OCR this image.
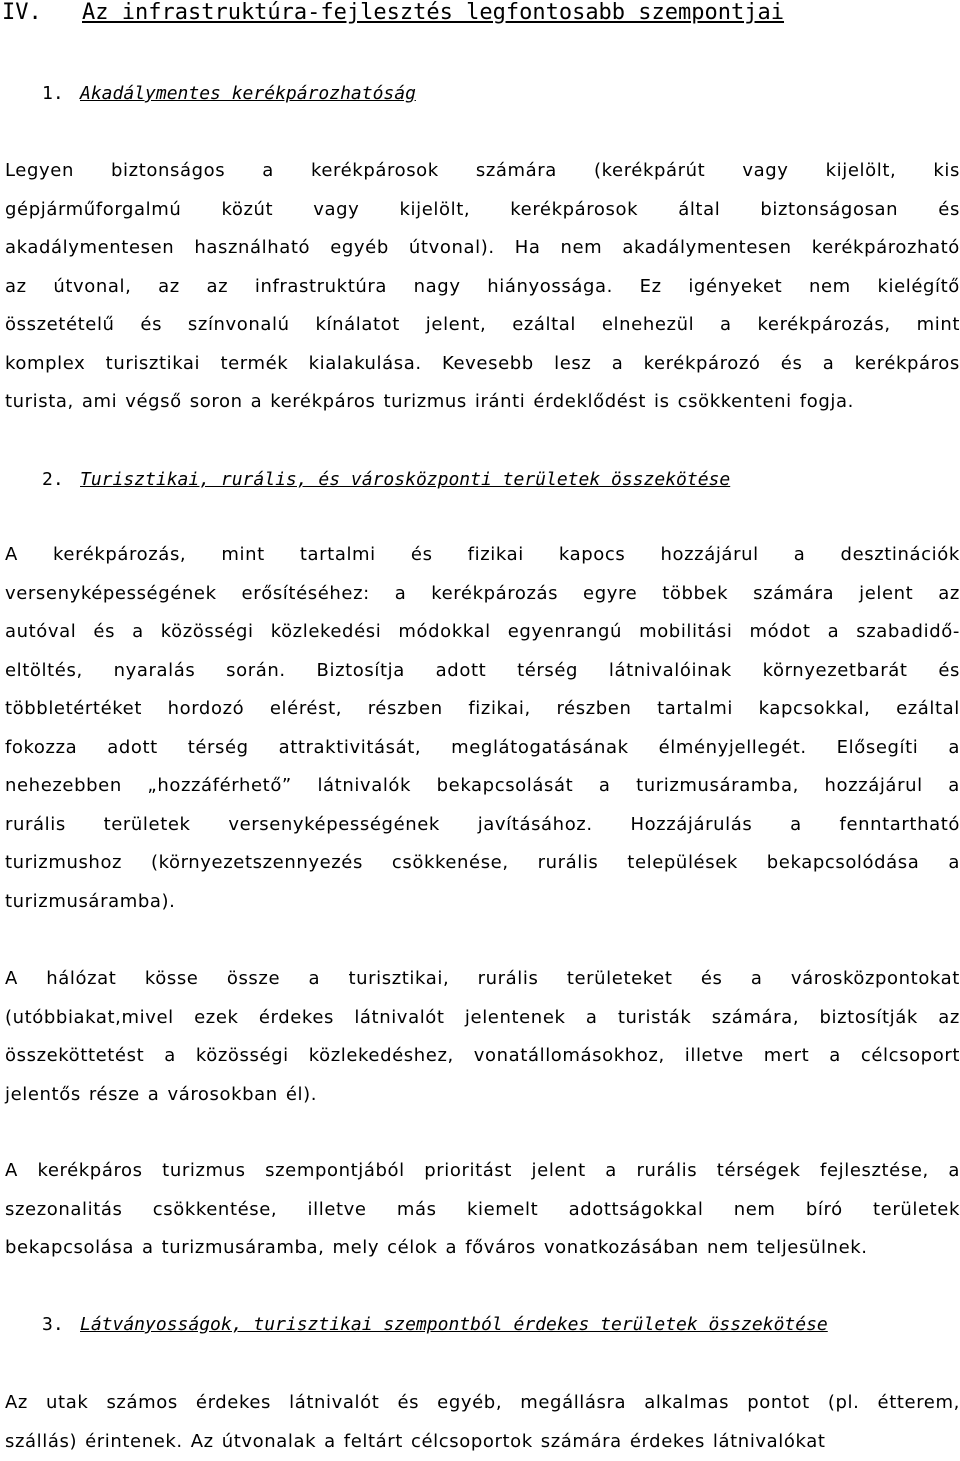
IV. Az infrastruktúra-fejlesztés legfontosabb szempontjai
1. Akadálymentes kerékpározhatóság
Legyen biztonságos a kerékpárosok számára (kerékpárút vagy kijelölt, kis
gépjárműforgalmú közút vagy kijelölt, kerékpárosok által biztonságosan és
akadálymentesen használható egyéb útvonal). Ha nem akadálymentesen kerékpározható
az útvonal, az az infrastruktúra nagy hiányossága. Ez igényeket nem kielégítő
összetételű és színvonalú kínálatot jelent, ezáltal elnehezül a kerékpározás, mint
komplex turisztikai termék kialakulása. Kevesebb lesz a kerékpározó és a kerékpáros
turista, ami végső soron a kerékpáros turizmus iránti érdeklődést is csökkenteni fogja.
2. Turisztikai, rurális, és városközponti területek összekötése
A kerékpározás, mint tartalmi és fizikai kapocs hozzájárul a desztinációk
versenyképességének erősítéséhez: a kerékpározás egyre többek számára jelent az
autóval és a közösségi közlekedési módokkal egyenrangú mobilitási módot a szabadidő-
eltöltés, nyaralás során. Biztosítja adott térség látnivalóinak környezetbarát és
többletértéket hordozó elérést, részben fizikai, részben tartalmi kapcsokkal, ezáltal
fokozza adott térség attraktivitását, meglátogatásának élményjellegét. Elősegíti a
nehezebben „hozzáférhető” látnivalók bekapcsolását a turizmusáramba, hozzájárul a
rurális területek versenyképességének javításához. Hozzájárulás a fenntartható
turizmushoz (környezetszennyezés csökkenése, rurális települések bekapcsolódása a
turizmusáramba).
A hálózat kösse össze a turisztikai, rurális területeket és a városközpontokat
(utóbbiakat,mivel ezek érdekes látnivalót jelentenek a turisták számára, biztosítják az
összeköttetést a közösségi közlekedéshez, vonatállomásokhoz, illetve mert a célcsoport
jelentős része a városokban él).
A kerékpáros turizmus szempontjából prioritást jelent a rurális térségek fejlesztése, a
szezonalitás csökkentése, illetve más kiemelt adottságokkal nem bíró területek
bekapcsolása a turizmusáramba, mely célok a főváros vonatkozásában nem teljesülnek.
3. Látványosságok, turisztikai szempontból érdekes területek összekötése
Az utak számos érdekes látnivalót és egyéb, megállásra alkalmas pontot (pl. étterem,
szállás) érintenek. Az útvonalak a feltárt célcsoportok számára érdekes látnivalókat
